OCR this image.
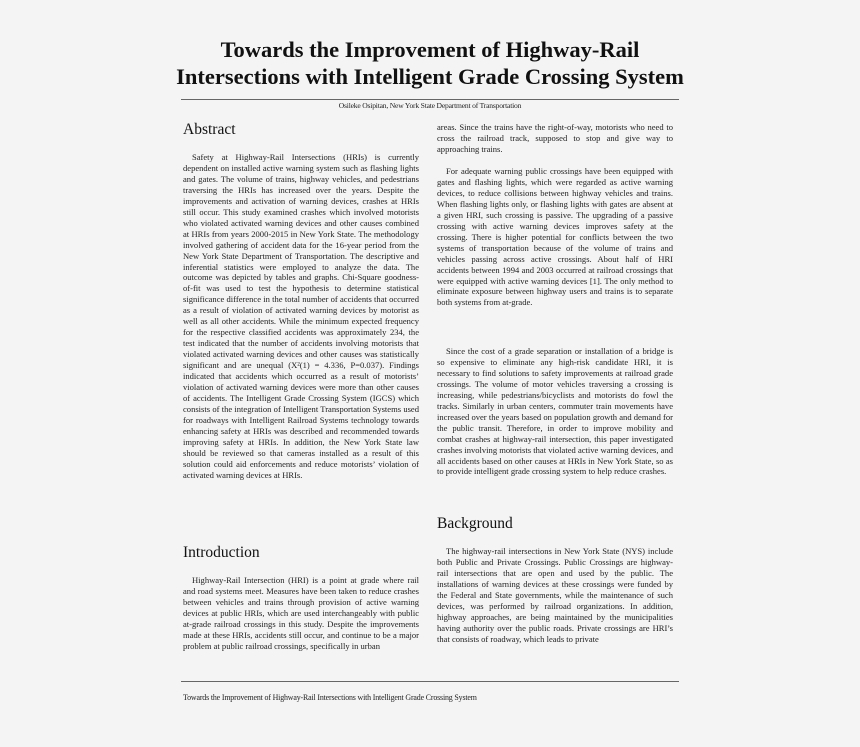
Towards the Improvement of Highway-Rail
Intersections with Intelligent Grade Crossing System
Osileke Osipitan, New York State Department of Transportation
Abstract

Safety at Highway-Rail Intersections (HRIs) is currently dependent on installed active warning system such as flashing lights and gates. The volume of trains, highway vehicles, and pedestrians traversing the HRIs has increased over the years. Despite the improvements and activation of warning devices, crashes at HRIs still occur. This study examined crashes which involved motorists who violated activated warning devices and other causes combined at HRIs from years 2000-2015 in New York State. The methodology involved gathering of accident data for the 16-year period from the New York State Department of Transportation. The descriptive and inferential statistics were employed to analyze the data. The outcome was depicted by tables and graphs. Chi-Square goodness-of-fit was used to test the hypothesis to determine statistical significance difference in the total number of accidents that occurred as a result of violation of activated warning devices by motorist as well as all other accidents. While the minimum expected frequency for the respective classified accidents was approximately 234, the test indicated that the number of accidents involving motorists that violated activated warning devices and other causes was statistically significant and are unequal (X²(1) = 4.336, P=0.037). Findings indicated that accidents which occurred as a result of motorists’ violation of activated warning devices were more than other causes of accidents. The Intelligent Grade Crossing System (IGCS) which consists of the integration of Intelligent Transportation Systems used for roadways with Intelligent Railroad Systems technology towards enhancing safety at HRIs was described and recommended towards improving safety at HRIs. In addition, the New York State law should be reviewed so that cameras installed as a result of this solution could aid enforcements and reduce motorists’ violation of activated warning devices at HRIs.

Introduction

Highway-Rail Intersection (HRI) is a point at grade where rail and road systems meet. Measures have been taken to reduce crashes between vehicles and trains through provision of active warning devices at public HRIs, which are used interchangeably with public at-grade railroad crossings in this study. Despite the improvements made at these HRIs, accidents still occur, and continue to be a major problem at public railroad crossings, specifically in urban

areas. Since the trains have the right-of-way, motorists who need to cross the railroad track, supposed to stop and give way to approaching trains.

For adequate warning public crossings have been equipped with gates and flashing lights, which were regarded as active warning devices, to reduce collisions between highway vehicles and trains. When flashing lights only, or flashing lights with gates are absent at a given HRI, such crossing is passive. The upgrading of a passive crossing with active warning devices improves safety at the crossing. There is higher potential for conflicts between the two systems of transportation because of the volume of trains and vehicles passing across active crossings. About half of HRI accidents between 1994 and 2003 occurred at railroad crossings that were equipped with active warning devices [1]. The only method to eliminate exposure between highway users and trains is to separate both systems from at-grade.

Since the cost of a grade separation or installation of a bridge is so expensive to eliminate any high-risk candidate HRI, it is necessary to find solutions to safety improvements at railroad grade crossings. The volume of motor vehicles traversing a crossing is increasing, while pedestrians/bicyclists and motorists do fowl the tracks. Similarly in urban centers, commuter train movements have increased over the years based on population growth and demand for the public transit. Therefore, in order to improve mobility and combat crashes at highway-rail intersection, this paper investigated crashes involving motorists that violated active warning devices, and all accidents based on other causes at HRIs in New York State, so as to provide intelligent grade crossing system to help reduce crashes.

Background

The highway-rail intersections in New York State (NYS) include both Public and Private Crossings. Public Crossings are highway-rail intersections that are open and used by the public. The installations of warning devices at these crossings were funded by the Federal and State governments, while the maintenance of such devices, was performed by railroad organizations. In addition, highway approaches, are being maintained by the municipalities having authority over the public roads. Private crossings are HRI’s that consists of roadway, which leads to private

Towards the Improvement of Highway-Rail Intersections with Intelligent Grade Crossing System
